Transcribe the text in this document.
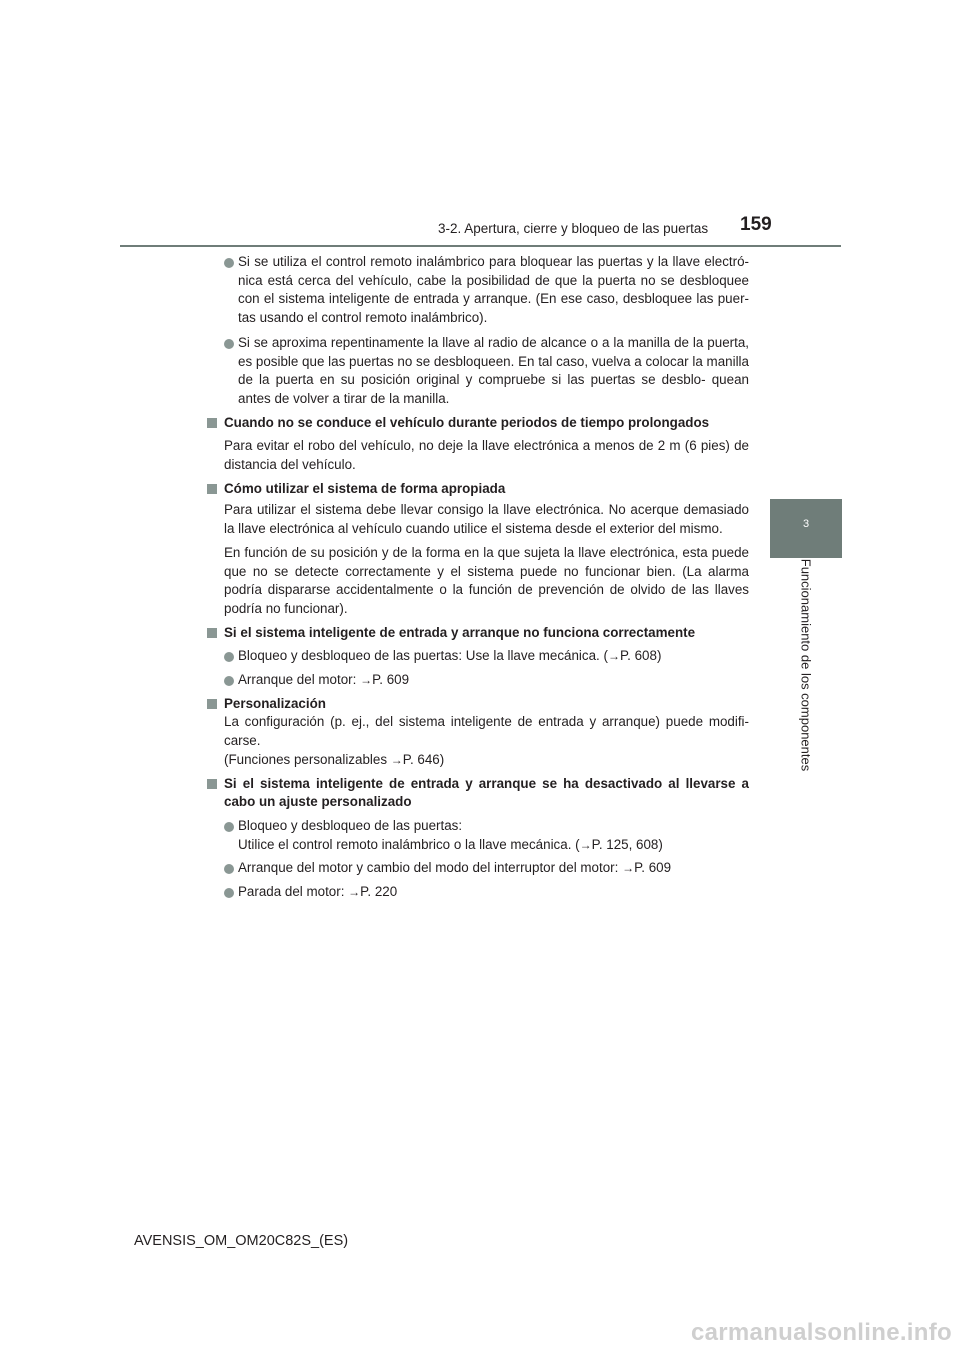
3-2. Apertura, cierre y bloqueo de las puertas 159
3
Funcionamiento de los componentes
Si se utiliza el control remoto inalámbrico para bloquear las puertas y la llave electró- nica está cerca del vehículo, cabe la posibilidad de que la puerta no se desbloquee con el sistema inteligente de entrada y arranque. (En ese caso, desbloquee las puer- tas usando el control remoto inalámbrico).
Si se aproxima repentinamente la llave al radio de alcance o a la manilla de la puerta, es posible que las puertas no se desbloqueen. En tal caso, vuelva a colocar la manilla de la puerta en su posición original y compruebe si las puertas se desblo- quean antes de volver a tirar de la manilla.
Cuando no se conduce el vehículo durante periodos de tiempo prolongados
Para evitar el robo del vehículo, no deje la llave electrónica a menos de 2 m (6 pies) de distancia del vehículo.
Cómo utilizar el sistema de forma apropiada
Para utilizar el sistema debe llevar consigo la llave electrónica. No acerque demasiado la llave electrónica al vehículo cuando utilice el sistema desde el exterior del mismo.
En función de su posición y de la forma en la que sujeta la llave electrónica, esta puede que no se detecte correctamente y el sistema puede no funcionar bien. (La alarma podría dispararse accidentalmente o la función de prevención de olvido de las llaves podría no funcionar).
Si el sistema inteligente de entrada y arranque no funciona correctamente
Bloqueo y desbloqueo de las puertas: Use la llave mecánica. (→P. 608)
Arranque del motor: →P. 609
Personalización
La configuración (p. ej., del sistema inteligente de entrada y arranque) puede modifi- carse.
(Funciones personalizables →P. 646)
Si el sistema inteligente de entrada y arranque se ha desactivado al llevarse a cabo un ajuste personalizado
Bloqueo y desbloqueo de las puertas:
Utilice el control remoto inalámbrico o la llave mecánica. (→P. 125, 608)
Arranque del motor y cambio del modo del interruptor del motor: →P. 609
Parada del motor: →P. 220
AVENSIS_OM_OM20C82S_(ES)
carmanualsonline.info
